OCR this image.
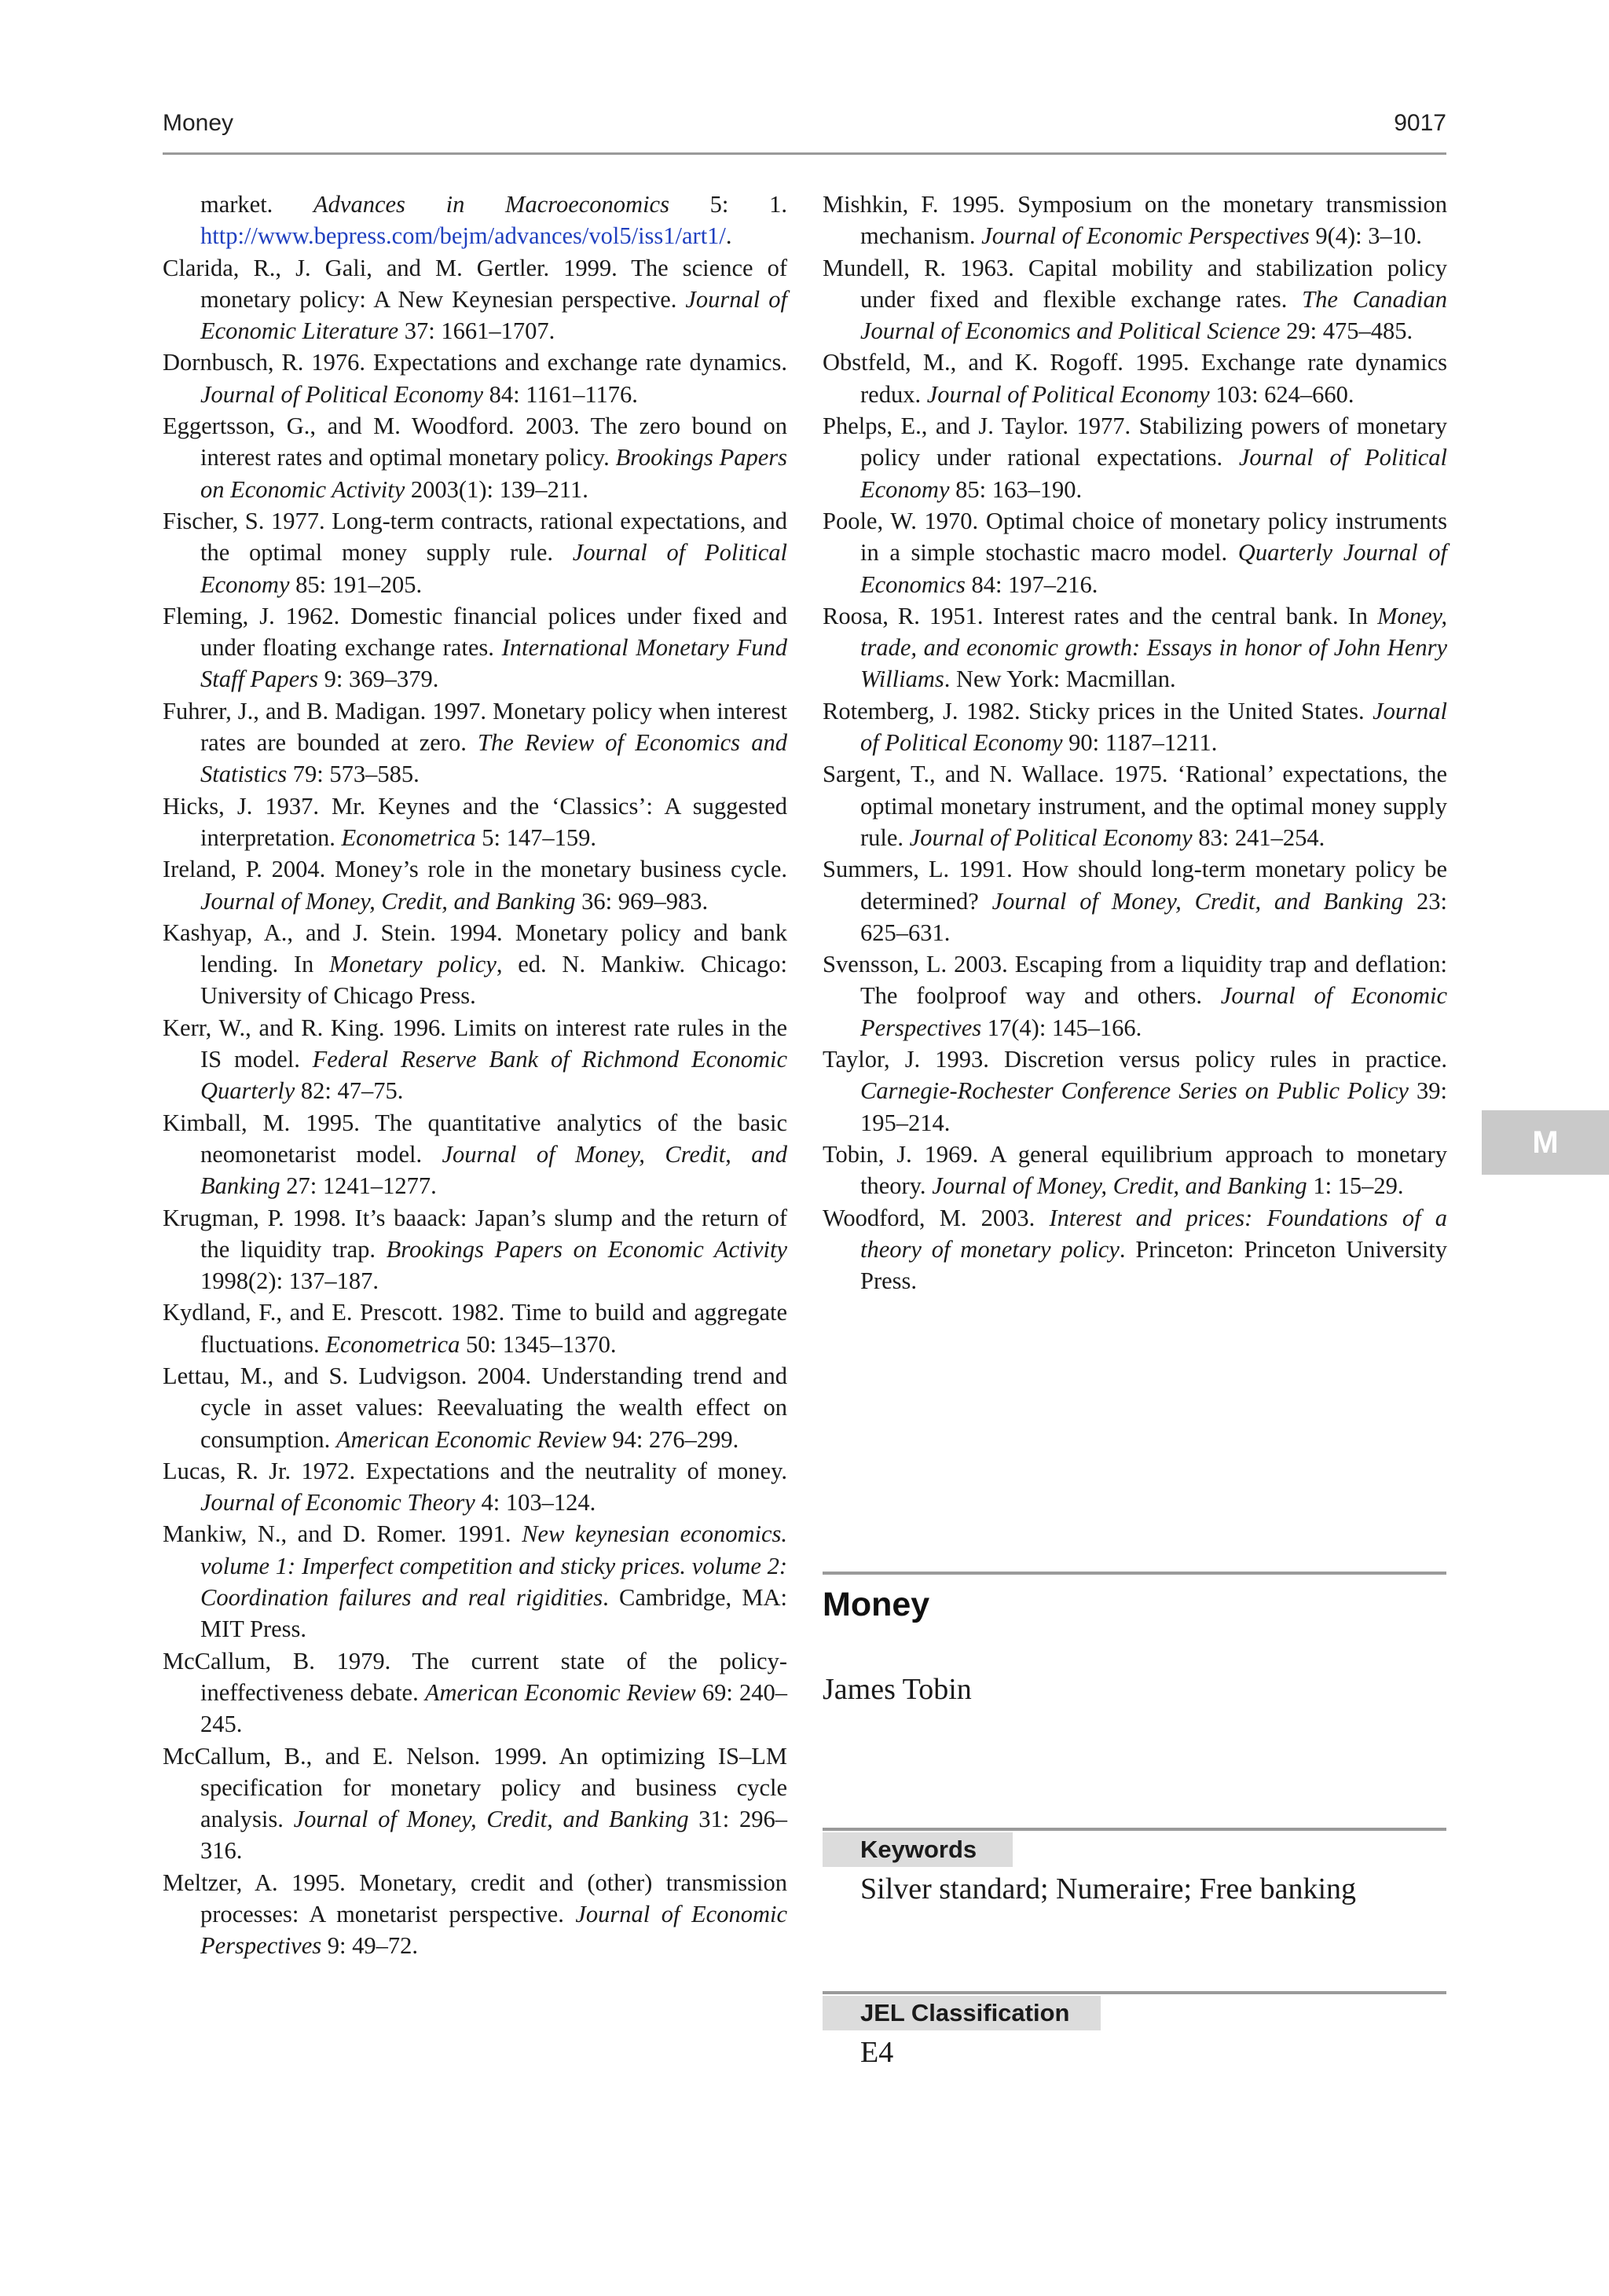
Money	9017

market. Advances in Macroeconomics 5: 1. http://www.bepress.com/bejm/advances/vol5/iss1/art1/.

Clarida, R., J. Gali, and M. Gertler. 1999. The science of monetary policy: A New Keynesian perspective. Journal of Economic Literature 37: 1661–1707.

Dornbusch, R. 1976. Expectations and exchange rate dynamics. Journal of Political Economy 84: 1161–1176.

Eggertsson, G., and M. Woodford. 2003. The zero bound on interest rates and optimal monetary policy. Brookings Papers on Economic Activity 2003(1): 139–211.

Fischer, S. 1977. Long-term contracts, rational expectations, and the optimal money supply rule. Journal of Political Economy 85: 191–205.

Fleming, J. 1962. Domestic financial polices under fixed and under floating exchange rates. International Monetary Fund Staff Papers 9: 369–379.

Fuhrer, J., and B. Madigan. 1997. Monetary policy when interest rates are bounded at zero. The Review of Economics and Statistics 79: 573–585.

Hicks, J. 1937. Mr. Keynes and the ‘Classics’: A suggested interpretation. Econometrica 5: 147–159.

Ireland, P. 2004. Money’s role in the monetary business cycle. Journal of Money, Credit, and Banking 36: 969–983.

Kashyap, A., and J. Stein. 1994. Monetary policy and bank lending. In Monetary policy, ed. N. Mankiw. Chicago: University of Chicago Press.

Kerr, W., and R. King. 1996. Limits on interest rate rules in the IS model. Federal Reserve Bank of Richmond Economic Quarterly 82: 47–75.

Kimball, M. 1995. The quantitative analytics of the basic neomonetarist model. Journal of Money, Credit, and Banking 27: 1241–1277.

Krugman, P. 1998. It’s baaack: Japan’s slump and the return of the liquidity trap. Brookings Papers on Economic Activity 1998(2): 137–187.

Kydland, F., and E. Prescott. 1982. Time to build and aggregate fluctuations. Econometrica 50: 1345–1370.

Lettau, M., and S. Ludvigson. 2004. Understanding trend and cycle in asset values: Reevaluating the wealth effect on consumption. American Economic Review 94: 276–299.

Lucas, R. Jr. 1972. Expectations and the neutrality of money. Journal of Economic Theory 4: 103–124.

Mankiw, N., and D. Romer. 1991. New keynesian economics. volume 1: Imperfect competition and sticky prices. volume 2: Coordination failures and real rigidities. Cambridge, MA: MIT Press.

McCallum, B. 1979. The current state of the policy-ineffectiveness debate. American Economic Review 69: 240–245.

McCallum, B., and E. Nelson. 1999. An optimizing IS–LM specification for monetary policy and business cycle analysis. Journal of Money, Credit, and Banking 31: 296–316.

Meltzer, A. 1995. Monetary, credit and (other) transmission processes: A monetarist perspective. Journal of Economic Perspectives 9: 49–72.

Mishkin, F. 1995. Symposium on the monetary transmission mechanism. Journal of Economic Perspectives 9(4): 3–10.

Mundell, R. 1963. Capital mobility and stabilization policy under fixed and flexible exchange rates. The Canadian Journal of Economics and Political Science 29: 475–485.

Obstfeld, M., and K. Rogoff. 1995. Exchange rate dynamics redux. Journal of Political Economy 103: 624–660.

Phelps, E., and J. Taylor. 1977. Stabilizing powers of monetary policy under rational expectations. Journal of Political Economy 85: 163–190.

Poole, W. 1970. Optimal choice of monetary policy instruments in a simple stochastic macro model. Quarterly Journal of Economics 84: 197–216.

Roosa, R. 1951. Interest rates and the central bank. In Money, trade, and economic growth: Essays in honor of John Henry Williams. New York: Macmillan.

Rotemberg, J. 1982. Sticky prices in the United States. Journal of Political Economy 90: 1187–1211.

Sargent, T., and N. Wallace. 1975. ‘Rational’ expectations, the optimal monetary instrument, and the optimal money supply rule. Journal of Political Economy 83: 241–254.

Summers, L. 1991. How should long-term monetary policy be determined? Journal of Money, Credit, and Banking 23: 625–631.

Svensson, L. 2003. Escaping from a liquidity trap and deflation: The foolproof way and others. Journal of Economic Perspectives 17(4): 145–166.

Taylor, J. 1993. Discretion versus policy rules in practice. Carnegie-Rochester Conference Series on Public Policy 39: 195–214.

Tobin, J. 1969. A general equilibrium approach to monetary theory. Journal of Money, Credit, and Banking 1: 15–29.

Woodford, M. 2003. Interest and prices: Foundations of a theory of monetary policy. Princeton: Princeton University Press.

M
Money
James Tobin
Keywords
Silver standard; Numeraire; Free banking
JEL Classification
E4
